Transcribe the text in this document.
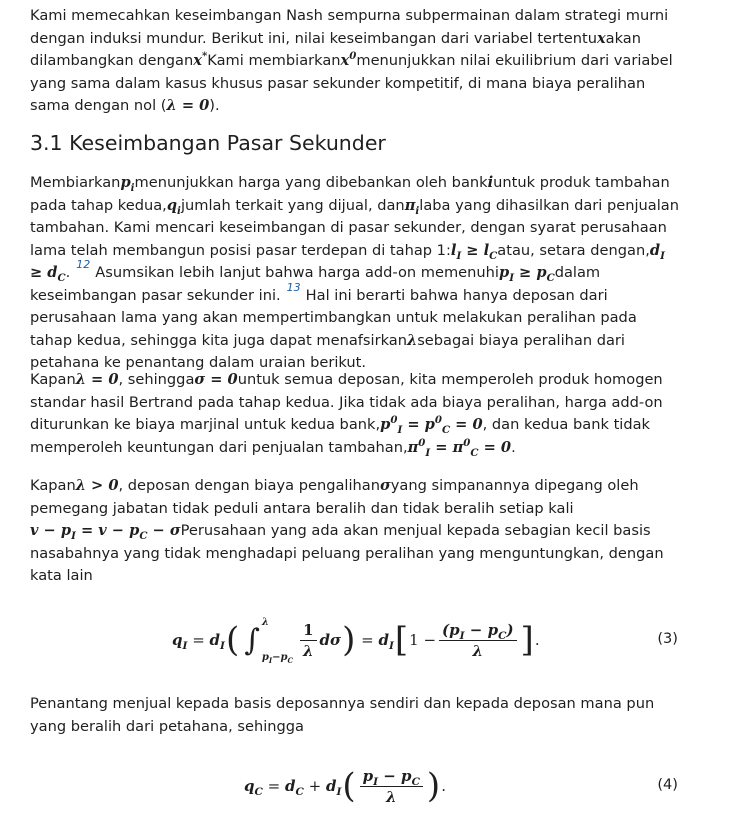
Kami memecahkan keseimbangan Nash sempurna subpermainan dalam strategi murni dengan induksi mundur. Berikut ini, nilai keseimbangan dari variabel tertentuxakan dilambangkan denganx*Kami membiarkanx$^0$menunjukkan nilai ekuilibrium dari variabel yang sama dalam kasus khusus pasar sekunder kompetitif, di mana biaya peralihan sama dengan nol (λ = 0).

3.1 Keseimbangan Pasar Sekunder

Membiarkanp$_i$menunjukkan harga yang dibebankan oleh bankiuntuk produk tambahan pada tahap $kedua,q_ijumlah$ terkait yang dijual, danπ$_i$laba yang dihasilkan dari penjualan tambahan. Kami mencari keseimbangan di pasar sekunder, dengan syarat perusahaan lama telah membangun posisi pasar terdepan di tahap $1:l_I$ ≥ $l_Catau$, setara $dengan,d_I \ge d_C$. $^{12}$ Asumsikan lebih lanjut bahwa harga add-on memenuhip$_I$ ≥ $p_Cdalam$ keseimbangan pasar sekunder ini. $^{13}$ Hal ini berarti bahwa hanya deposan dari perusahaan lama yang akan mempertimbangkan untuk melakukan peralihan pada tahap kedua, sehingga kita juga dapat menafsirkanλsebagai biaya peralihan dari petahana ke penantang dalam uraian berikut.

Kapanλ = 0, sehinggaσ = 0untuk semua deposan, kita memperoleh produk homogen standar hasil Bertrand pada tahap kedua. Jika tidak ada biaya peralihan, harga add-on diturunkan ke biaya marjinal untuk kedua $bank,p^0_I = p^0_C = 0$, dan kedua bank tidak memperoleh keuntungan dari penjualan $tambahan,\pi^0_I = \pi^0_C = 0$.

Kapanλ > 0, deposan dengan biaya pengalihanσyang simpanannya dipegang oleh pemegang jabatan tidak peduli antara beralih dan tidak beralih setiap kali
$v - p_I = v - p_C$ − σPerusahaan yang ada akan menjual kepada sebagian kecil basis nasabahnya yang tidak menghadapi peluang peralihan yang menguntungkan, dengan kata lain

$q_I = d_I$ ( ∫ λ
$p_I-p_C$
$\frac{1}{\lambda}$ dσ ) = $d_I$ [ $1 - \frac{(p_I - p_C)}{\lambda}$ ] .	(3)

Penantang menjual kepada basis deposannya sendiri dan kepada deposan mana pun yang beralih dari petahana, sehingga

$q_C = d_C + d_I$ ( $\frac{p_I - p_C}{\lambda}$ ) .	(4)
